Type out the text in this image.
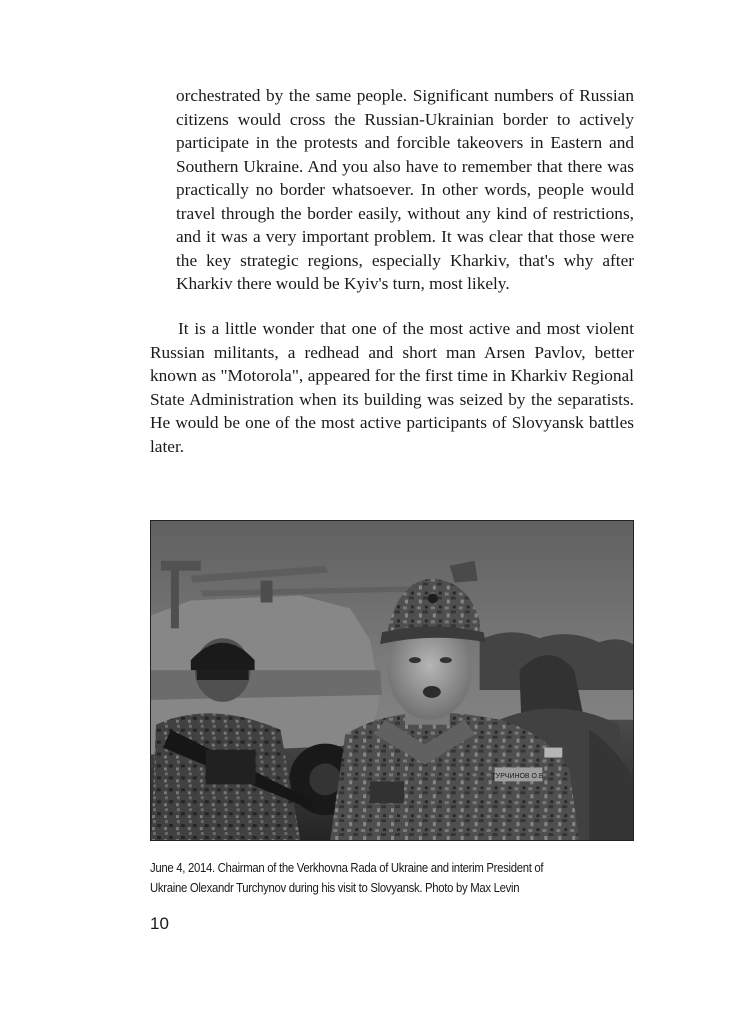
orchestrated by the same people. Significant numbers of Russian citizens would cross the Russian-Ukrainian border to actively participate in the protests and forcible takeovers in Eastern and Southern Ukraine. And you also have to remember that there was practically no border whatsoever. In other words, people would travel through the border easily, without any kind of restrictions, and it was a very important problem. It was clear that those were the key strategic regions, especially Kharkiv, that's why after Kharkiv there would be Kyiv's turn, most likely.

It is a little wonder that one of the most active and most violent Russian militants, a redhead and short man Arsen Pavlov, better known as "Motorola", appeared for the first time in Kharkiv Regional State Administration when its building was seized by the separatists. He would be one of the most active participants of Slovyansk battles later.

ТУРЧИНОВ О.В.

June 4, 2014. Chairman of the Verkhovna Rada of Ukraine and interim President of
Ukraine Olexandr Turchynov during his visit to Slovyansk. Photo by Max Levin

10
